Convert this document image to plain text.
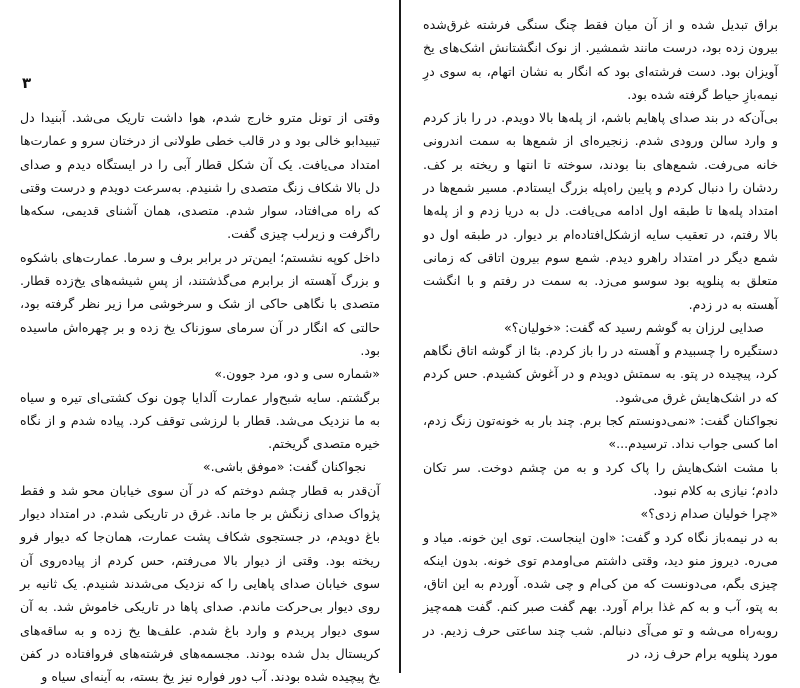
۳

وقتی از تونل مترو خارج شدم، هوا داشت تاریک می‌شد. آبنیدا دل تیبیدابو خالی بود و در قالب خطی طولانی از درختان سرو و عمارت‌ها امتداد می‌یافت. یک آن شکل قطار آبی را در ایستگاه دیدم و صدای دل بالا شکاف زنگ متصدی را شنیدم. به‌سرعت دویدم و درست وقتی که راه می‌افتاد، سوار شدم. متصدی، همان آشنای قدیمی، سکه‌ها راگرفت و زیرلب چیزی گفت.

داخل کوپه نشستم؛ ایمن‌تر در برابر برف و سرما. عمارت‌های باشکوه و بزرگ آهسته از برابرم می‌گذشتند، از پسِ شیشه‌های یخ‌زده قطار. متصدی با نگاهی حاکی از شک و سرخوشی مرا زیر نظر گرفته بود، حالتی که انگار در آن سرمای سوزناک یخ زده و بر چهره‌اش ماسیده بود.

«شماره سی و دو، مرد جوون.»

برگشتم. سایه شبح‌وار عمارت آلدایا چون نوک کشتی‌ای تیره و سیاه به ما نزدیک می‌شد. قطار با لرزشی توقف کرد. پیاده شدم و از نگاه خیره متصدی گریختم.

نجواکنان گفت: «موفق باشی.»

آن‌قدر به قطار چشم دوختم که در آن سوی خیابان محو شد و فقط پژواک صدای زنگش بر جا ماند. غرق در تاریکی شدم. در امتداد دیوار باغ دویدم، در جستجوی شکاف پشت عمارت، همان‌جا که دیوار فرو ریخته بود. وقتی از دیوار بالا می‌رفتم، حس کردم از پیاده‌روی آن سوی خیابان صدای پاهایی را که نزدیک می‌شدند شنیدم. یک ثانیه بر روی دیوار بی‌حرکت ماندم. صدای پاها در تاریکی خاموش شد. به آن سوی دیوار پریدم و وارد باغ شدم. علف‌ها یخ زده و به ساقه‌های کریستال بدل شده بودند. مجسمه‌های فرشته‌های فروافتاده در کفن یخ پیچیده شده بودند. آب دور فواره نیز یخ بسته، به آینه‌ای سیاه و

براق تبدیل شده و از آن میان فقط چنگ سنگی فرشته غرق‌شده بیرون زده بود، درست مانند شمشیر. از نوک انگشتانش اشک‌های یخ آویزان بود. دست فرشته‌ای بود که انگار به نشان اتهام، به سوی درِ نیمه‌بازِ حیاط گرفته شده بود.

بی‌آن‌که در بند صدای پاهایم باشم، از پله‌ها بالا دویدم. در را باز کردم و وارد سالن ورودی شدم. زنجیره‌ای از شمع‌ها به سمت اندرونی خانه می‌رفت. شمع‌های بنا بودند، سوخته تا انتها و ریخته بر کف. ردشان را دنبال کردم و پایین راه‌پله بزرگ ایستادم. مسیر شمع‌ها در امتداد پله‌ها تا طبقه اول ادامه می‌یافت. دل به دریا زدم و از پله‌ها بالا رفتم، در تعقیب سایه ازشکل‌افتاده‌ام بر دیوار. در طبقه اول دو شمع دیگر در امتداد راهرو دیدم. شمع سوم بیرون اتاقی که زمانی متعلق به پنلوپه بود سوسو می‌زد. به سمت در رفتم و با انگشت آهسته به در زدم.

صدایی لرزان به گوشم رسید که گفت: «خولیان؟»

دستگیره را چسبیدم و آهسته در را باز کردم. بئا از گوشه اتاق نگاهم کرد، پیچیده در پتو. به سمتش دویدم و در آغوش کشیدم. حس کردم که در اشک‌هایش غرق می‌شود.

نجواکنان گفت: «نمی‌دونستم کجا برم. چند بار به خونه‌تون زنگ زدم، اما کسی جواب نداد. ترسیدم...»

با مشت اشک‌هایش را پاک کرد و به من چشم دوخت. سر تکان دادم؛ نیازی به کلام نبود.

«چرا خولیان صدام زدی؟»

به در نیمه‌باز نگاه کرد و گفت: «اون اینجاست. توی این خونه. میاد و می‌ره. دیروز منو دید، وقتی داشتم می‌اومدم توی خونه. بدون اینکه چیزی بگم، می‌دونست که من کی‌ام و چی شده. آوردم به این اتاق، به پتو، آب و به کم غذا برام آورد. بهم گفت صبر کنم. گفت همه‌چیز روبه‌راه می‌شه و تو می‌آی دنبالم. شب چند ساعتی حرف زدیم. در مورد پنلوپه برام حرف زد، در
